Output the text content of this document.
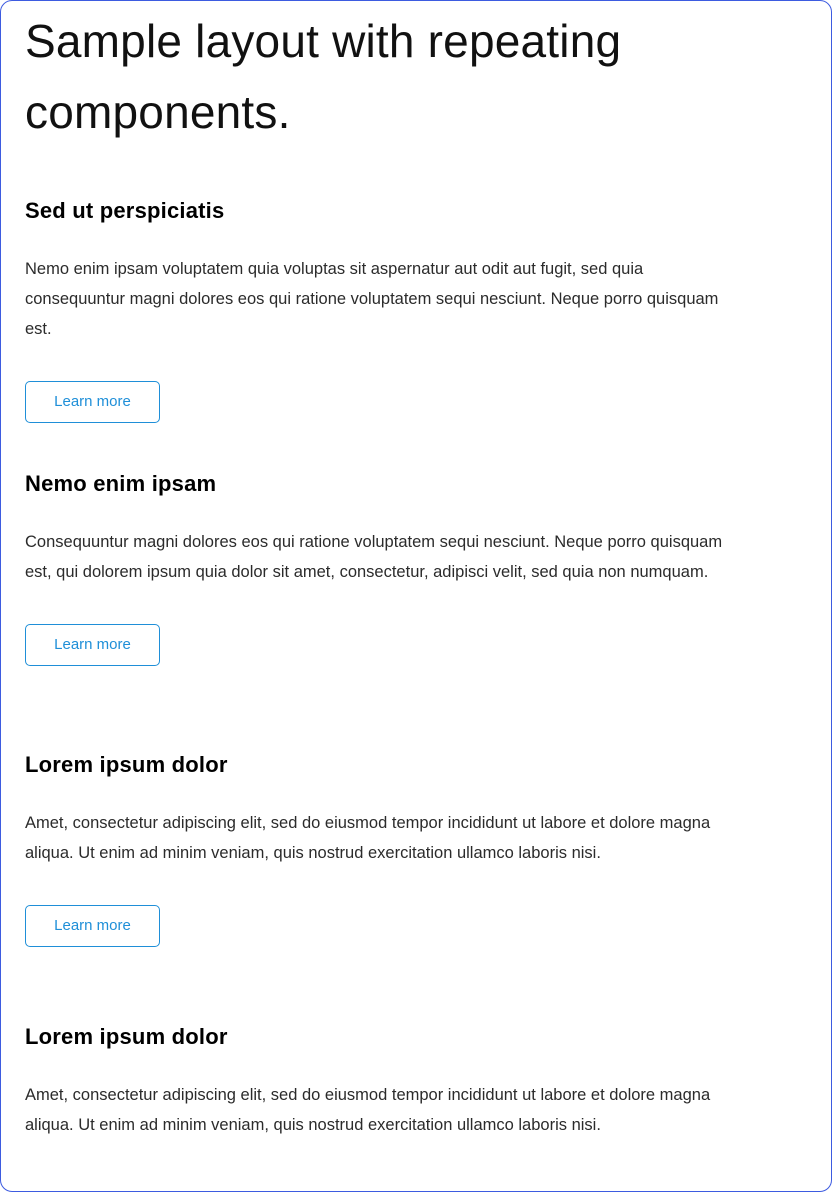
Sample layout with repeating components.
Sed ut perspiciatis

Nemo enim ipsam voluptatem quia voluptas sit aspernatur aut odit aut fugit, sed quia consequuntur magni dolores eos qui ratione voluptatem sequi nesciunt. Neque porro quisquam est.

Learn more
Nemo enim ipsam

Consequuntur magni dolores eos qui ratione voluptatem sequi nesciunt. Neque porro quisquam est, qui dolorem ipsum quia dolor sit amet, consectetur, adipisci velit, sed quia non numquam.

Learn more
Lorem ipsum dolor

Amet, consectetur adipiscing elit, sed do eiusmod tempor incididunt ut labore et dolore magna aliqua. Ut enim ad minim veniam, quis nostrud exercitation ullamco laboris nisi.

Learn more
Lorem ipsum dolor

Amet, consectetur adipiscing elit, sed do eiusmod tempor incididunt ut labore et dolore magna aliqua. Ut enim ad minim veniam, quis nostrud exercitation ullamco laboris nisi.
